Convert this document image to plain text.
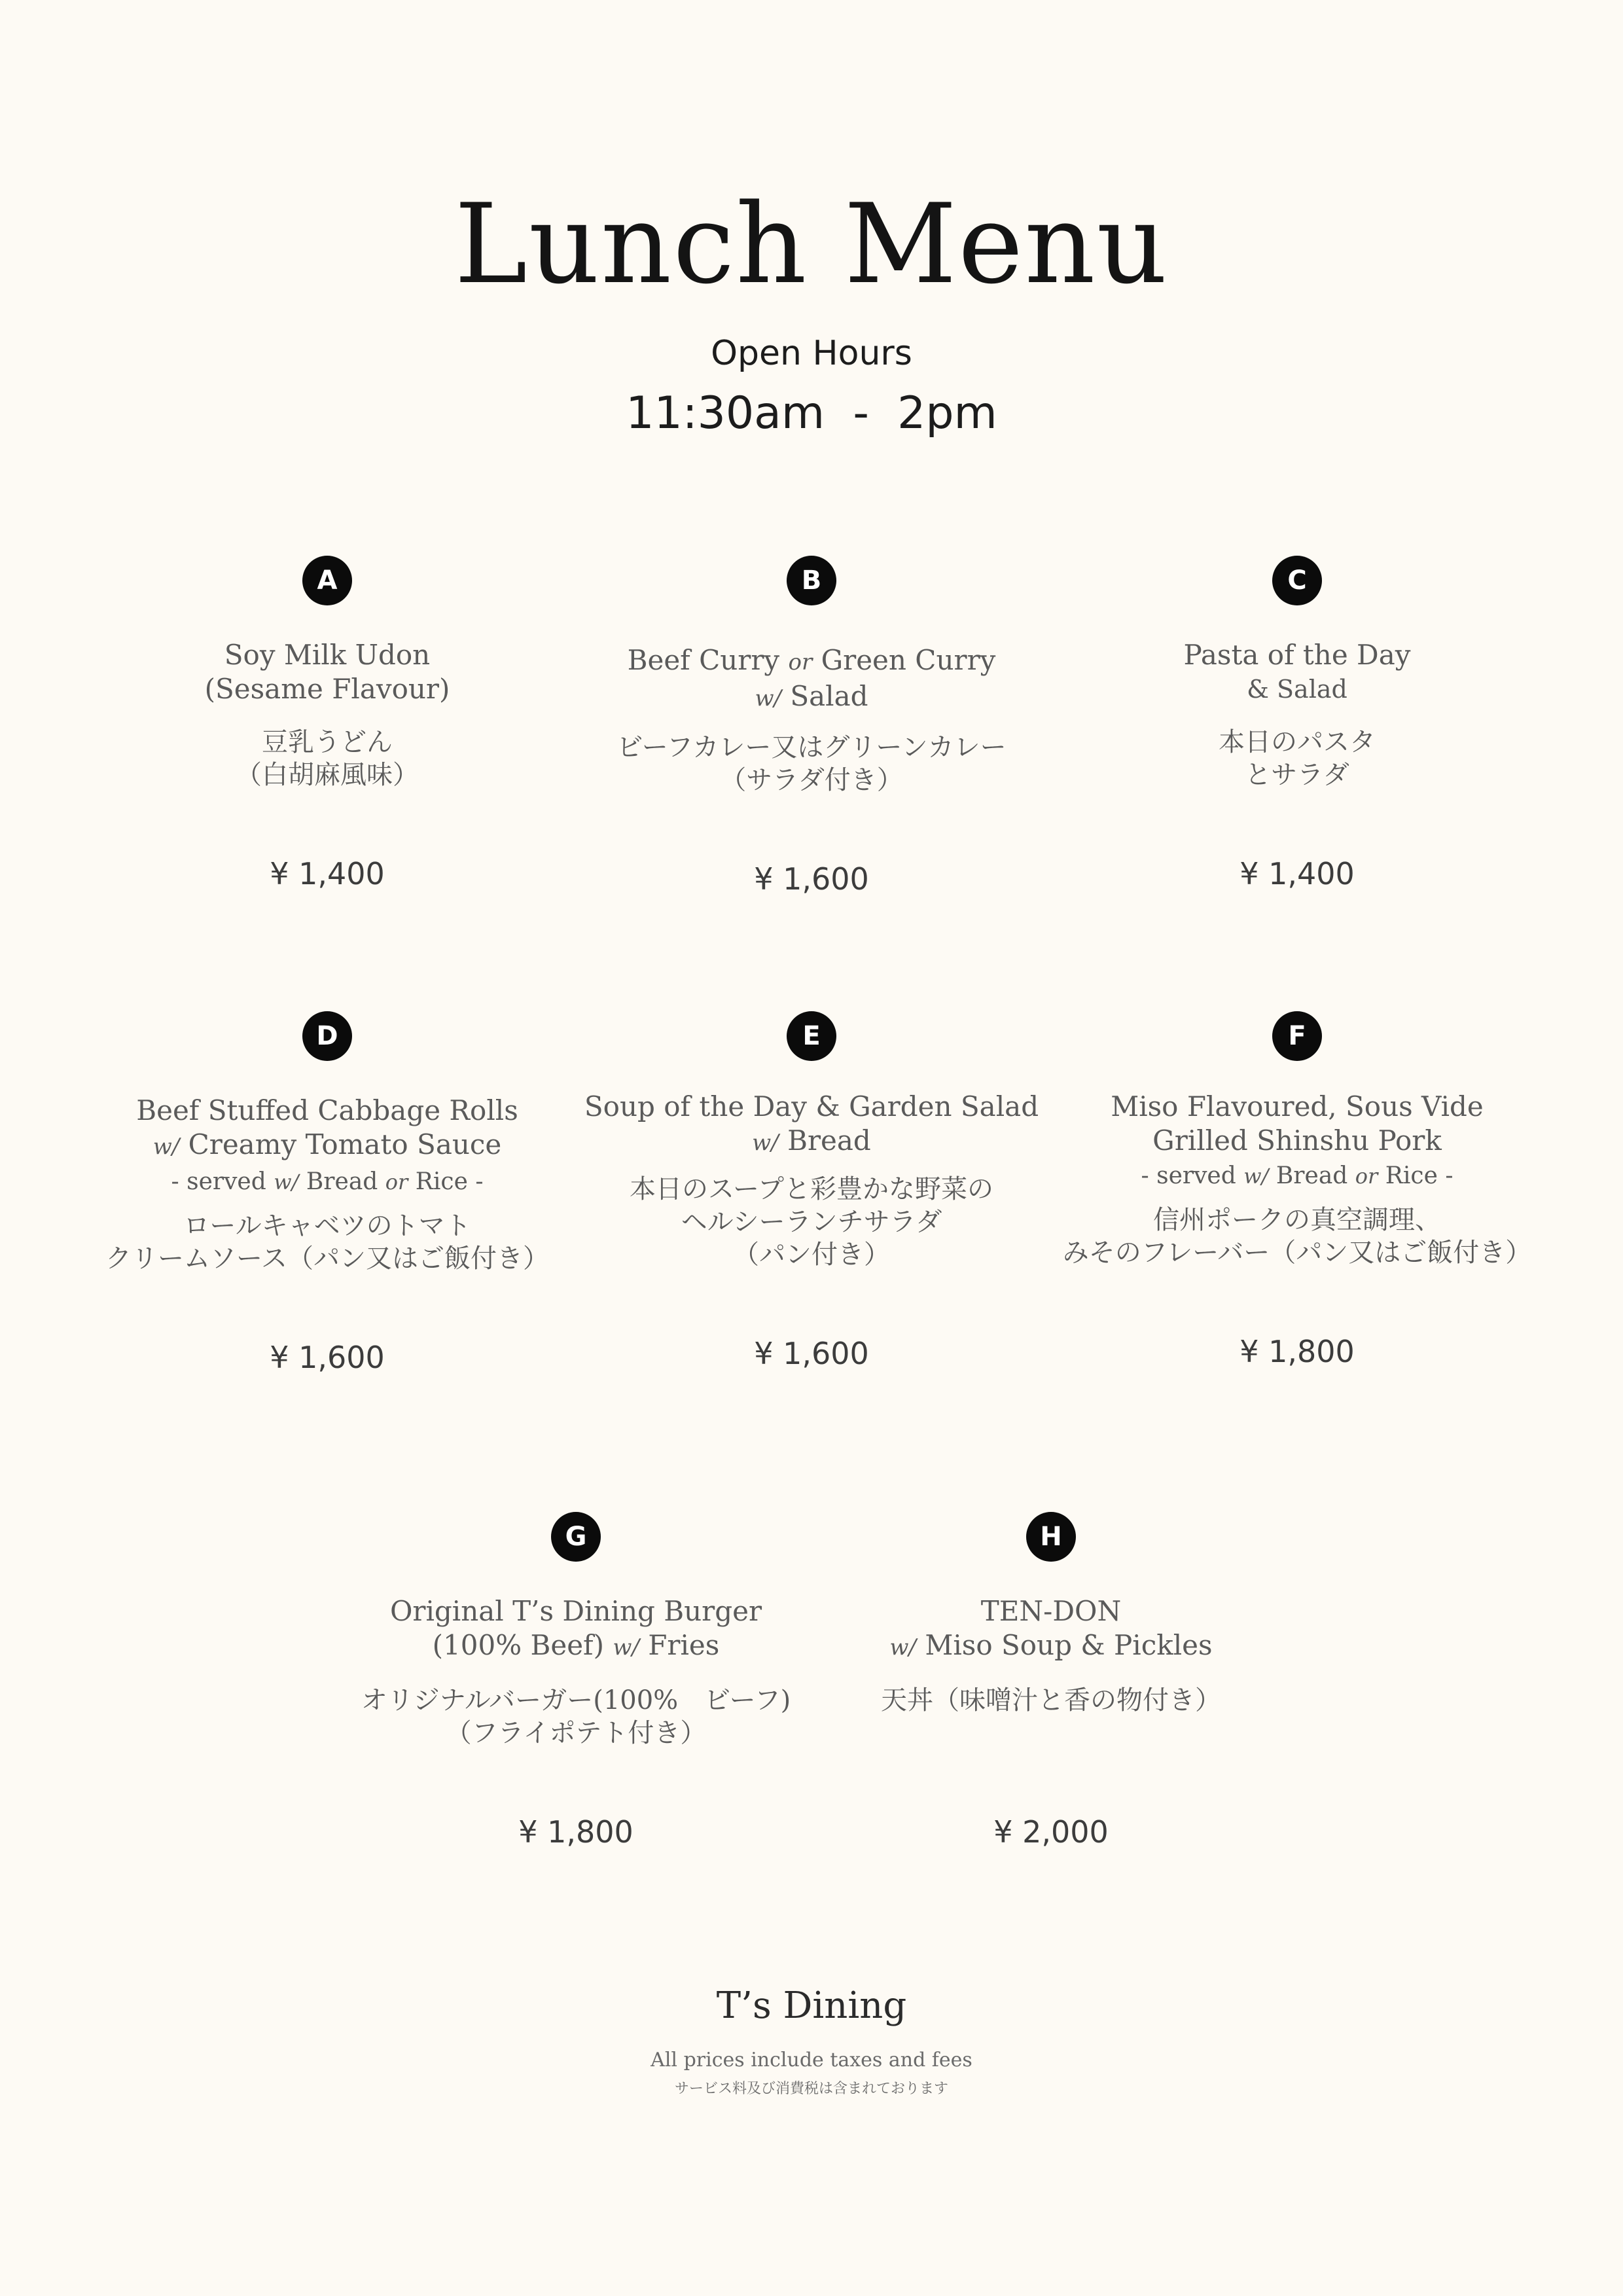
Lunch Menu
Open Hours
11:30am  -  2pm
A
Soy Milk Udon
(Sesame Flavour)
豆乳うどん
（白胡麻風味）
¥ 1,400
B
Beef Curry or Green Curry
w/ Salad
ビーフカレー又はグリーンカレー
（サラダ付き）
¥ 1,600
C
Pasta of the Day
& Salad
本日のパスタ
とサラダ
¥ 1,400
D
Beef Stuffed Cabbage Rolls
w/ Creamy Tomato Sauce
- served w/ Bread or Rice -
ロールキャベツのトマト
クリームソース（パン又はご飯付き）
¥ 1,600
E
Soup of the Day & Garden Salad
w/ Bread
本日のスープと彩豊かな野菜の
ヘルシーランチサラダ
（パン付き）
¥ 1,600
F
Miso Flavoured, Sous Vide
Grilled Shinshu Pork
- served w/ Bread or Rice -
信州ポークの真空調理、
みそのフレーバー（パン又はご飯付き）
¥ 1,800
G
Original T’s Dining Burger
(100% Beef) w/ Fries
オリジナルバーガー(100%　ビーフ)
（フライポテト付き）
¥ 1,800
H
TEN-DON
w/ Miso Soup & Pickles
天丼（味噌汁と香の物付き）
¥ 2,000
T’s Dining
All prices include taxes and fees
サービス料及び消費税は含まれております
